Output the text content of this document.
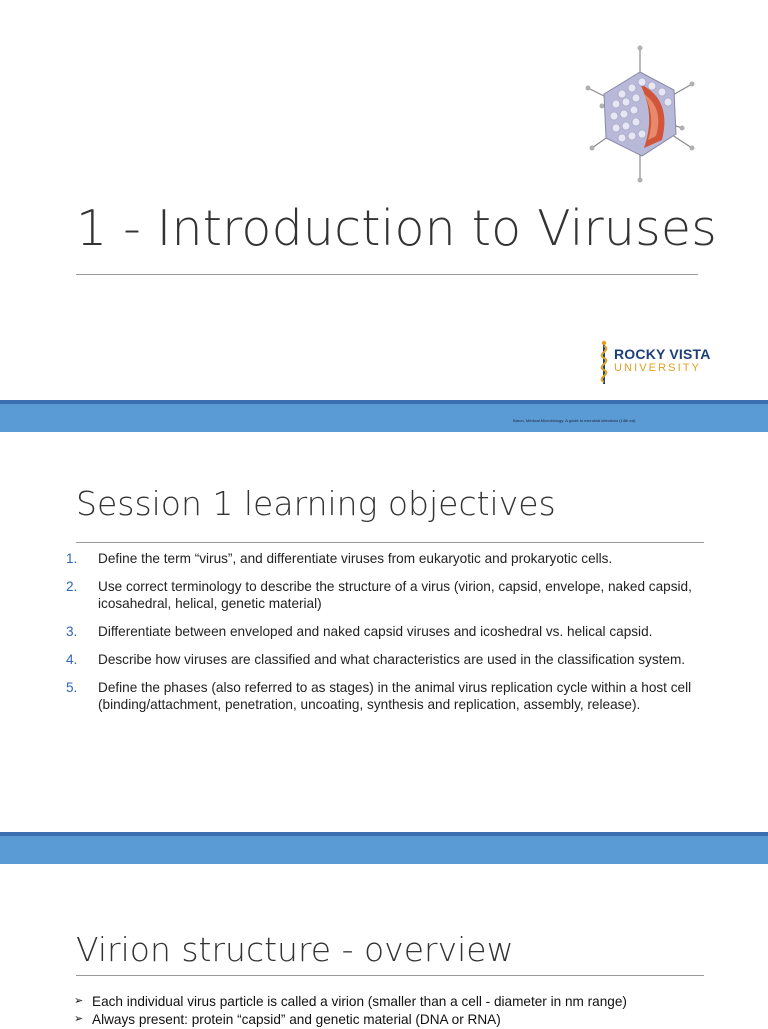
1 - Introduction to Viruses
ROCKY VISTA
UNIVERSITY
Baron, Medical Microbiology: A guide to microbial infections (14th ed)
Session 1 learning objectives
1.	Define the term “virus”, and differentiate viruses from eukaryotic and prokaryotic cells.
2.	Use correct terminology to describe the structure of a virus (virion, capsid, envelope, naked capsid, icosahedral, helical, genetic material)
3.	Differentiate between enveloped and naked capsid viruses and icoshedral vs. helical capsid.
4.	Describe how viruses are classified and what characteristics are used in the classification system.
5.	Define the phases (also referred to as stages) in the animal virus replication cycle within a host cell (binding/attachment, penetration, uncoating, synthesis and replication, assembly, release).
Virion structure - overview
➢ Each individual virus particle is called a virion (smaller than a cell - diameter in nm range)
➢ Always present: protein “capsid” and genetic material (DNA or RNA)
